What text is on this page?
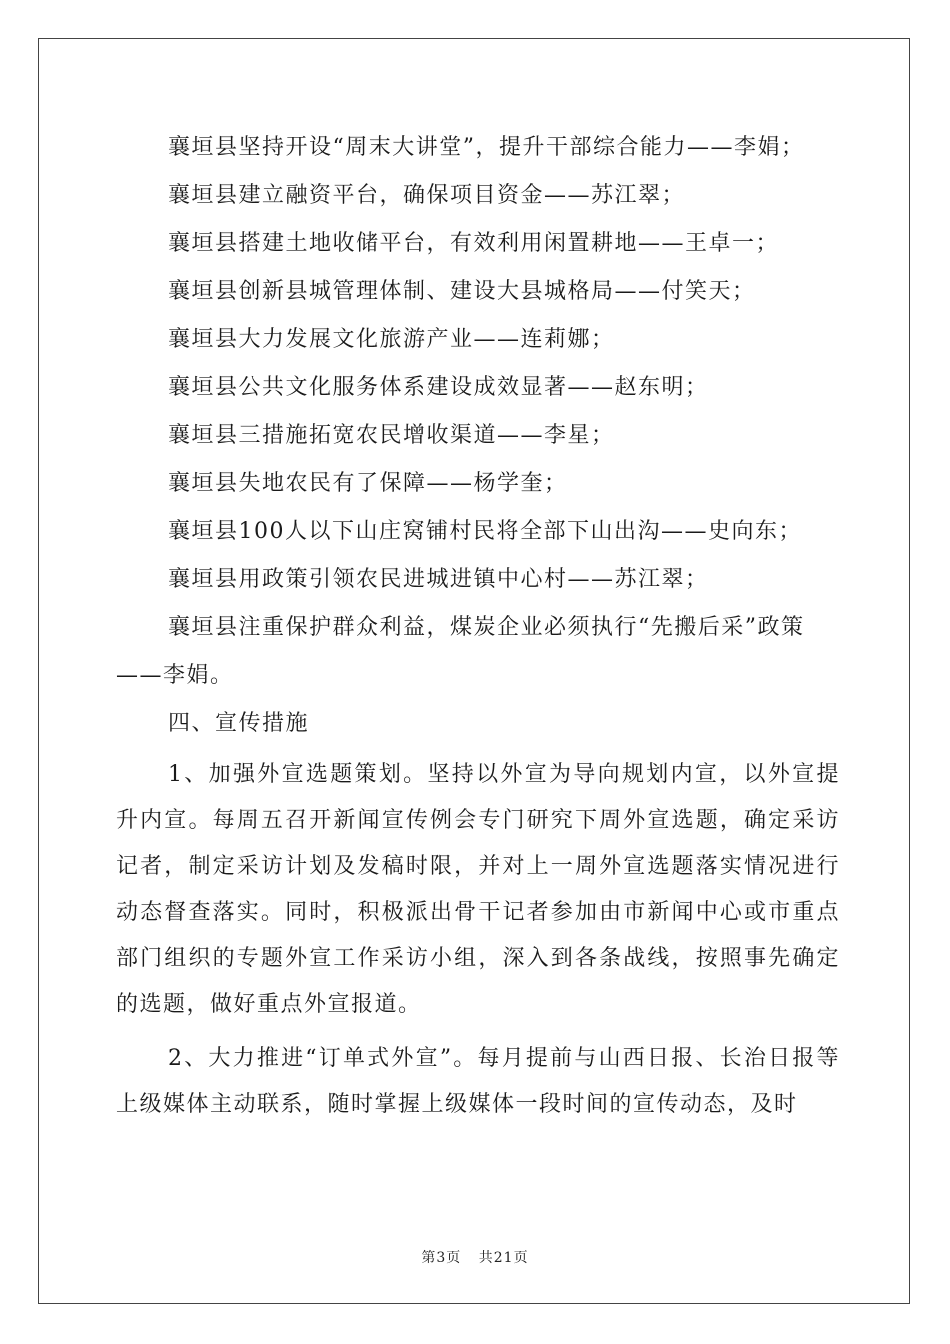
襄垣县坚持开设“周末大讲堂”，提升干部综合能力——李娟；
襄垣县建立融资平台，确保项目资金——苏江翠；
襄垣县搭建土地收储平台，有效利用闲置耕地——王卓一；
襄垣县创新县城管理体制、建设大县城格局——付笑天；
襄垣县大力发展文化旅游产业——连莉娜；
襄垣县公共文化服务体系建设成效显著——赵东明；
襄垣县三措施拓宽农民增收渠道——李星；
襄垣县失地农民有了保障——杨学奎；
襄垣县100人以下山庄窝铺村民将全部下山出沟——史向东；
襄垣县用政策引领农民进城进镇中心村——苏江翠；
襄垣县注重保护群众利益，煤炭企业必须执行“先搬后采”政策
——李娟。
四、宣传措施

1、加强外宣选题策划。坚持以外宣为导向规划内宣，以外宣提升内宣。每周五召开新闻宣传例会专门研究下周外宣选题，确定采访记者，制定采访计划及发稿时限，并对上一周外宣选题落实情况进行动态督查落实。同时，积极派出骨干记者参加由市新闻中心或市重点部门组织的专题外宣工作采访小组，深入到各条战线，按照事先确定的选题，做好重点外宣报道。

2、大力推进“订单式外宣”。每月提前与山西日报、长治日报等上级媒体主动联系，随时掌握上级媒体一段时间的宣传动态，及时

第3页 共21页
